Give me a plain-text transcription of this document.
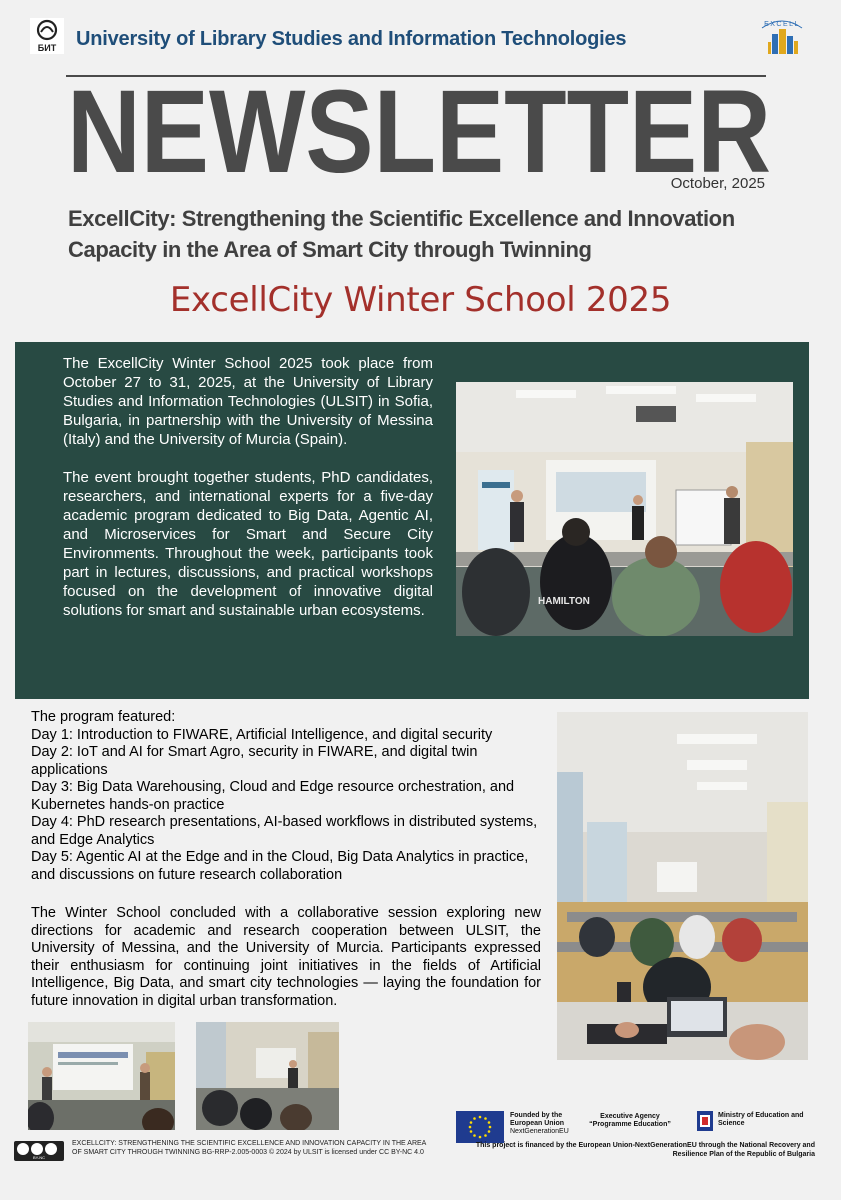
БИТ University of Library Studies and Information Technologies
EXCELL
NEWSLETTER
October, 2025
ExcellCity: Strengthening the Scientific Excellence and Innovation
Capacity in the Area of Smart City through Twinning
ExcellCity Winter School 2025
The ExcellCity Winter School 2025 took place from October 27 to 31, 2025, at the University of Library Studies and Information Technologies (ULSIT) in Sofia, Bulgaria, in partnership with the University of Messina (Italy) and the University of Murcia (Spain).
The event brought together students, PhD candidates, researchers, and international experts for a five-day academic program dedicated to Big Data, Agentic AI, and Microservices for Smart and Secure City Environments. Throughout the week, participants took part in lectures, discussions, and practical workshops focused on the development of innovative digital solutions for smart and sustainable urban ecosystems.
HAMILTON
The program featured:
Day 1: Introduction to FIWARE, Artificial Intelligence, and digital security
Day 2: IoT and AI for Smart Agro, security in FIWARE, and digital twin applications
Day 3: Big Data Warehousing, Cloud and Edge resource orchestration, and Kubernetes hands-on practice
Day 4: PhD research presentations, AI-based workflows in distributed systems, and Edge Analytics
Day 5: Agentic AI at the Edge and in the Cloud, Big Data Analytics in practice, and discussions on future research collaboration
The Winter School concluded with a collaborative session exploring new directions for academic and research cooperation between ULSIT, the University of Messina, and the University of Murcia. Participants expressed their enthusiasm for continuing joint initiatives in the fields of Artificial Intelligence, Big Data, and smart city technologies — laying the foundation for future innovation in digital urban transformation.
BY-NC
EXCELLCITY: STRENGTHENING THE SCIENTIFIC EXCELLENCE AND INNOVATION CAPACITY IN THE AREA OF SMART CITY THROUGH TWINNING BG-RRP-2.005-0003 © 2024 by ULSIT is licensed under CC BY-NC 4.0
Founded by the
European Union
NextGenerationEU
Executive Agency
“Programme Education”
Ministry of Education and Science
This project is financed by the European Union-NextGenerationEU through the National Recovery and Resilience Plan of the Republic of Bulgaria
